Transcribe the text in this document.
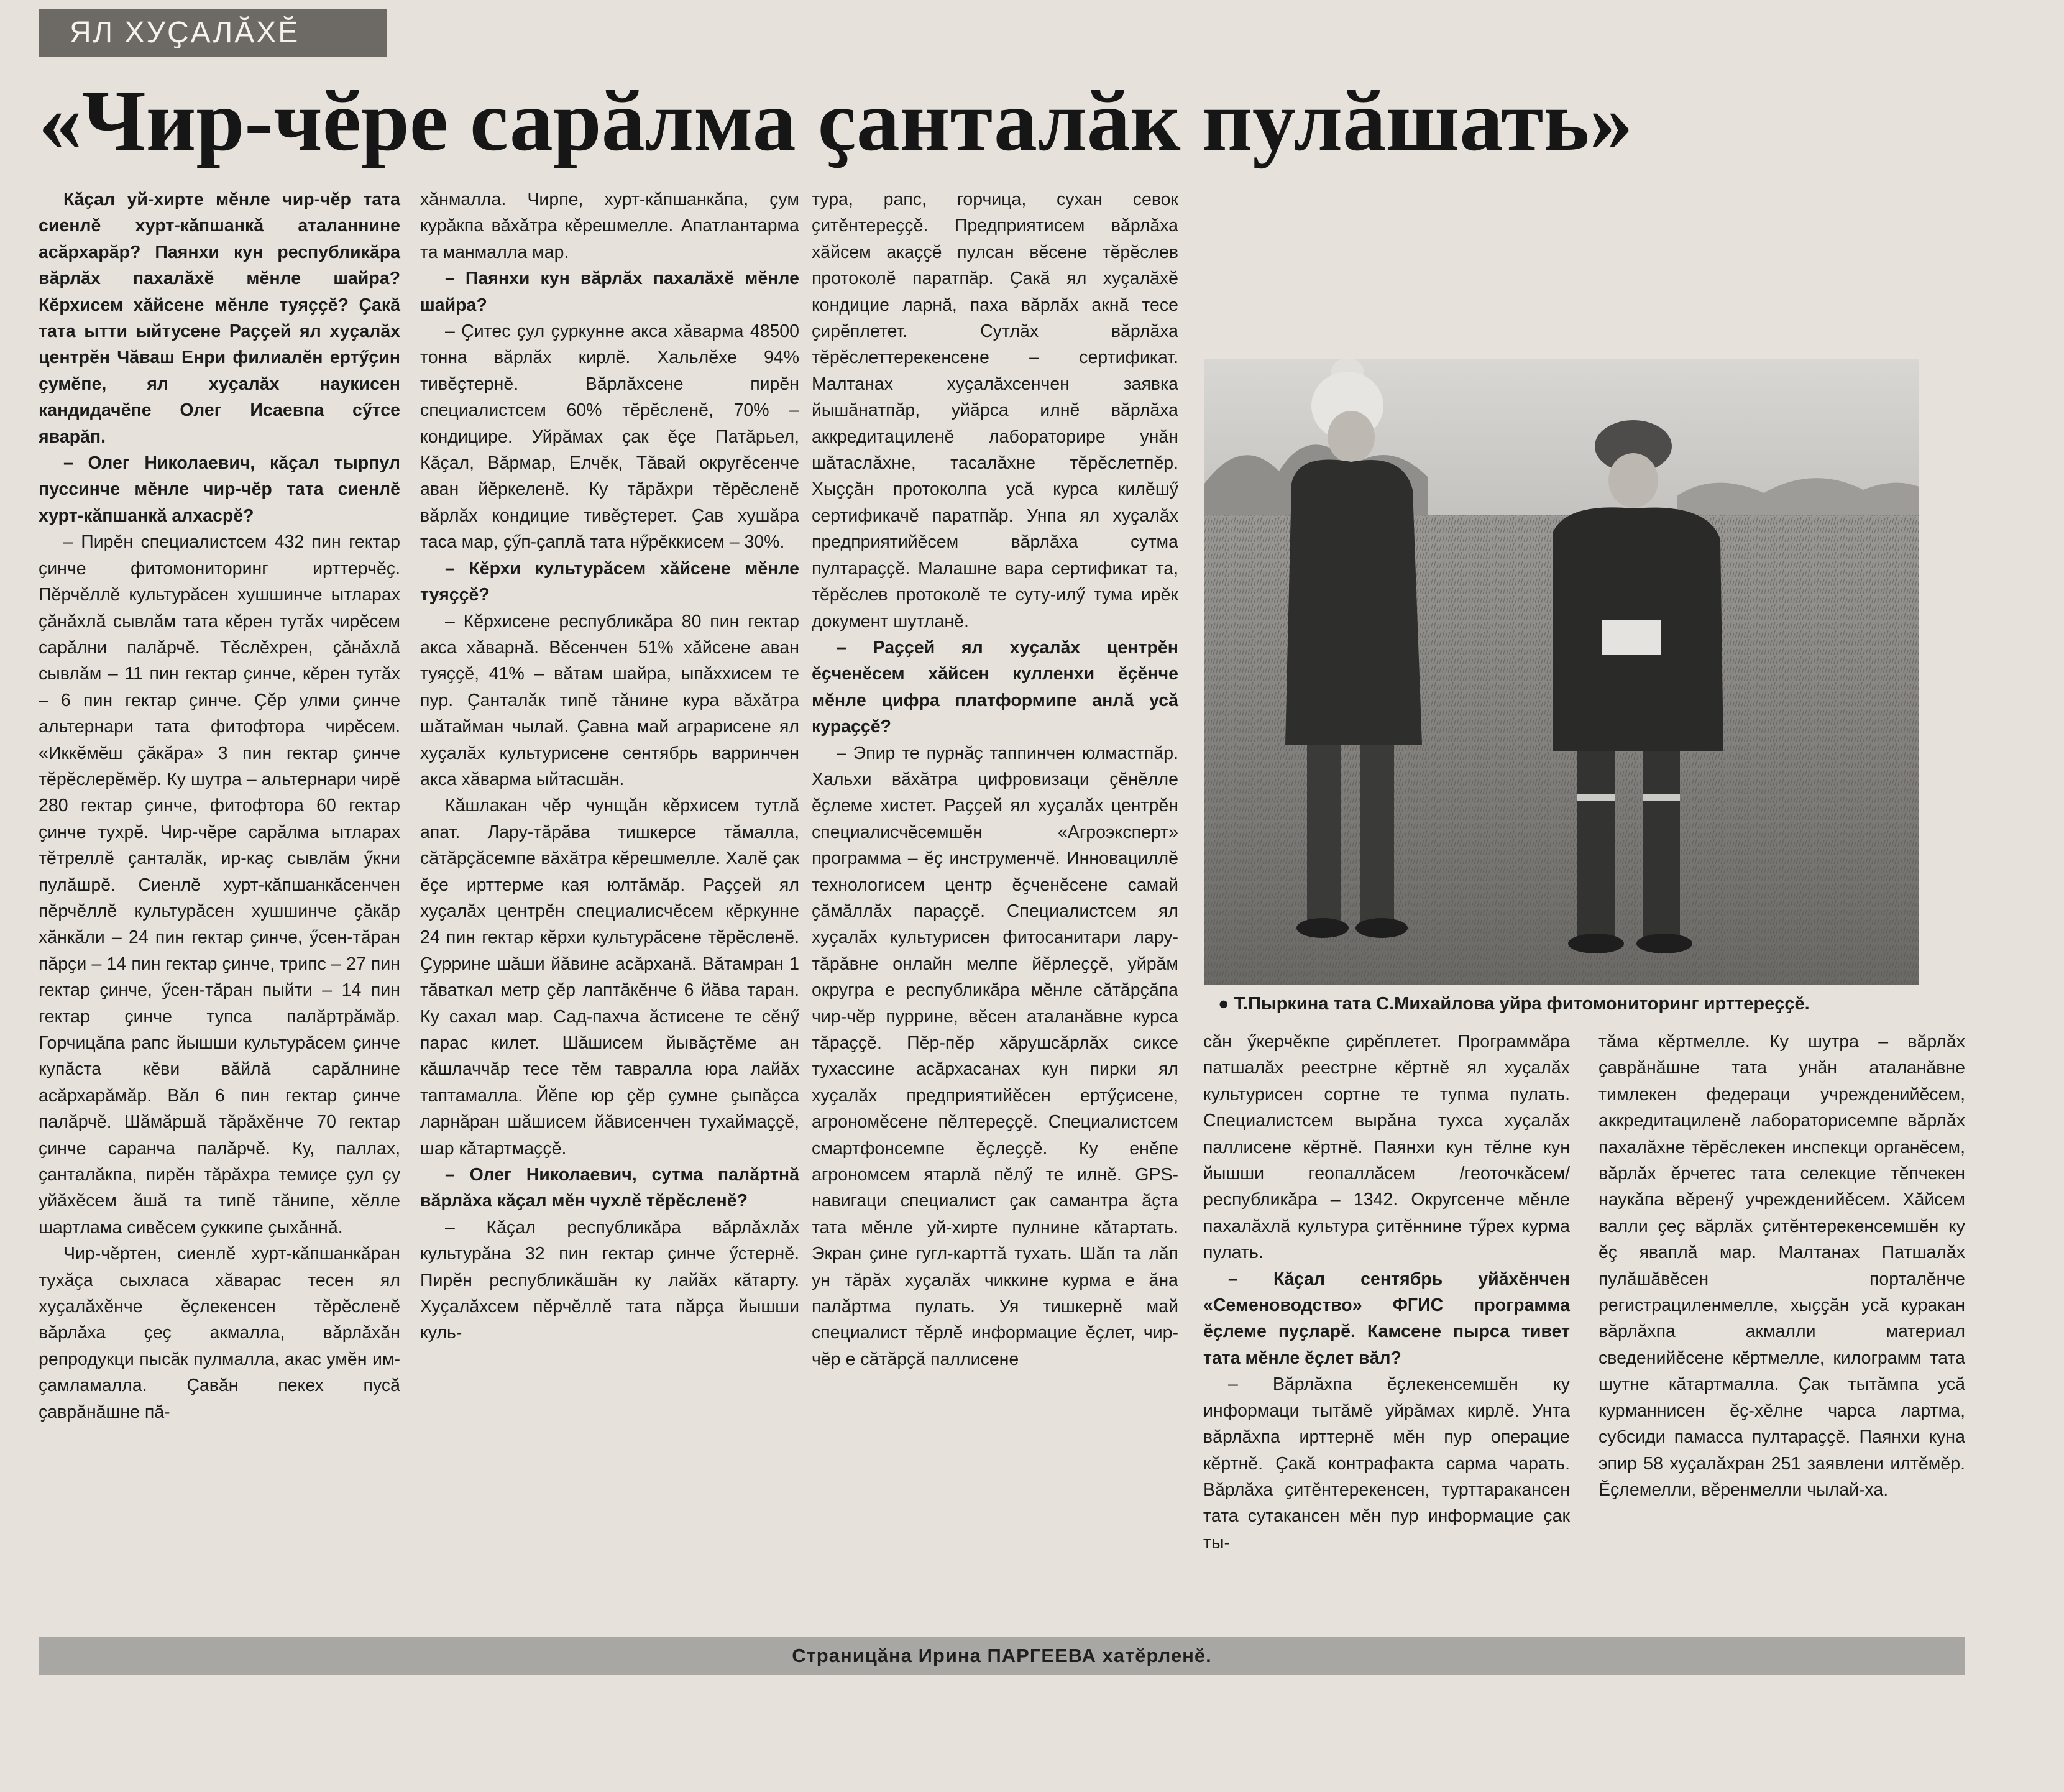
ЯЛ ХУҪАЛӐХӖ
«Чир-чӗре сарӑлма ҫанталӑк пулӑшать»

Кӑҫал уй-хирте мӗнле чир-чӗр тата сиенлӗ хурт-кӑпшанкӑ аталаннине асӑрхарӑр? Паянхи кун республикӑра вӑрлӑх пахалӑхӗ мӗнле шайра? Кӗрхисем хӑйсене мӗнле туяҫҫӗ? Ҫакӑ тата ытти ыйтусене Раҫҫей ял хуҫалӑх центрӗн Чӑваш Енри филиалӗн ертӳҫин ҫумӗпе, ял хуҫалӑх наукисен кандидачӗпе Олег Исаевпа сӳтсе яварӑп.

– Олег Николаевич, кӑҫал тырпул пуссинче мӗнле чир-чӗр тата сиенлӗ хурт-кӑпшанкӑ алхасрӗ?

– Пирӗн специалистсем 432 пин гектар ҫинче фитомониторинг ирттерчӗҫ. Пӗрчӗллӗ культурӑсен хушшинче ытларах ҫӑнӑхлӑ сывлӑм тата кӗрен тутӑх чирӗсем сарӑлни палӑрчӗ. Тӗслӗхрен, ҫӑнӑхлӑ сывлӑм – 11 пин гектар ҫинче, кӗрен тутӑх – 6 пин гектар ҫинче. Ҫӗр улми ҫинче альтернари тата фитофтора чирӗсем. «Иккӗмӗш ҫӑкӑра» 3 пин гектар ҫинче тӗрӗслерӗмӗр. Ку шутра – альтернари чирӗ 280 гектар ҫинче, фитофтора 60 гектар ҫинче тухрӗ. Чир-чӗре сарӑлма ытларах тӗтреллӗ ҫанталӑк, ир-каҫ сывлӑм ӳкни пулӑшрӗ. Сиенлӗ хурт-кӑпшанкӑсенчен пӗрчӗллӗ культурӑсен хушшинче ҫӑкӑр хӑнкӑли – 24 пин гектар ҫинче, ӳсен-тӑран пӑрҫи – 14 пин гектар ҫинче, трипс – 27 пин гектар ҫинче, ӳсен-тӑран пыйти – 14 пин гектар ҫинче тупса палӑртрӑмӑр. Горчицӑпа рапс йышши культурӑсем ҫинче купӑста кӗви вӑйлӑ сарӑлнине асӑрхарӑмӑр. Вӑл 6 пин гектар ҫинче палӑрчӗ. Шӑмӑршӑ тӑрӑхӗнче 70 гектар ҫинче саранча палӑрчӗ. Ку, паллах, ҫанталӑкпа, пирӗн тӑрӑхра темиҫе ҫул ҫу уйӑхӗсем ӑшӑ та типӗ тӑнипе, хӗлле шартлама сивӗсем ҫуккипе ҫыхӑннӑ.

Чир-чӗртен, сиенлӗ хурт-кӑпшанкӑран тухӑҫа сыхласа хӑварас тесен ял хуҫалӑхӗнче ӗҫлекенсен тӗрӗсленӗ вӑрлӑха ҫеҫ акмалла, вӑрлӑхӑн репродукци пысӑк пулмалла, акас умӗн им-ҫамламалла. Ҫавӑн пекех пусӑ ҫаврӑнӑшне пӑ-

хӑнмалла. Чирпе, хурт-кӑпшанкӑпа, ҫум курӑкпа вӑхӑтра кӗрешмелле. Апатлантарма та манмалла мар.

– Паянхи кун вӑрлӑх пахалӑхӗ мӗнле шайра?

– Ҫитес ҫул ҫуркунне акса хӑварма 48500 тонна вӑрлӑх кирлӗ. Хальлӗхе 94% тивӗҫтернӗ. Вӑрлӑхсене пирӗн специалистсем 60% тӗрӗсленӗ, 70% – кондицире. Уйрӑмах ҫак ӗҫе Патӑрьел, Кӑҫал, Вӑрмар, Елчӗк, Тӑвай округӗсенче аван йӗркеленӗ. Ку тӑрӑхри тӗрӗсленӗ вӑрлӑх кондицие тивӗҫтерет. Ҫав хушӑра таса мар, ҫӳп-ҫаплӑ тата нӳрӗккисем – 30%.

– Кӗрхи культурӑсем хӑйсене мӗнле туяҫҫӗ?

– Кӗрхисене республикӑра 80 пин гектар акса хӑварнӑ. Вӗсенчен 51% хӑйсене аван туяҫҫӗ, 41% – вӑтам шайра, ыпӑххисем те пур. Ҫанталӑк типӗ тӑнине кура вӑхӑтра шӑтайман чылай. Ҫавна май аграрисене ял хуҫалӑх культурисене сентябрь варринчен акса хӑварма ыйтасшӑн.

Кӑшлакан чӗр чунщӑн кӗрхисем тутлӑ апат. Лару-тӑрӑва тишкерсе тӑмалла, сӑтӑрҫӑсемпе вӑхӑтра кӗрешмелле. Халӗ ҫак ӗҫе ирттерме кая юлтӑмӑр. Раҫҫей ял хуҫалӑх центрӗн специалисчӗсем кӗркунне 24 пин гектар кӗрхи культурӑсене тӗрӗсленӗ. Ҫуррине шӑши йӑвине асӑрханӑ. Вӑтамран 1 тӑваткал метр ҫӗр лаптӑкӗнче 6 йӑва таран. Ку сахал мар. Сад-пахча ӑстисене те сӗнӳ парас килет. Шӑшисем йывӑҫтӗме ан кӑшлаччӑр тесе тӗм тавралла юра лайӑх таптамалла. Йӗпе юр ҫӗр ҫумне ҫыпӑҫса ларнӑран шӑшисем йӑвисенчен тухаймаҫҫӗ, шар кӑтартмаҫҫӗ.

– Олег Николаевич, сутма палӑртнӑ вӑрлӑха кӑҫал мӗн чухлӗ тӗрӗсленӗ?

– Кӑҫал республикӑра вӑрлӑхлӑх культурӑна 32 пин гектар ҫинче ӳстернӗ. Пирӗн республикӑшӑн ку лайӑх кӑтарту. Хуҫалӑхсем пӗрчӗллӗ тата пӑрҫа йышши куль-

тура, рапс, горчица, сухан севок ҫитӗнтереҫҫӗ. Предприятисем вӑрлӑха хӑйсем акаҫҫӗ пулсан вӗсене тӗрӗслев протоколӗ паратпӑр. Ҫакӑ ял хуҫалӑхӗ кондицие ларнӑ, паха вӑрлӑх акнӑ тесе ҫирӗплетет. Сутлӑх вӑрлӑха тӗрӗслеттерекенсене – сертификат. Малтанах хуҫалӑхсенчен заявка йышӑнатпӑр, уйӑрса илнӗ вӑрлӑха аккредитациленӗ лабораторире унӑн шӑтаслӑхне, тасалӑхне тӗрӗслетпӗр. Хыҫҫӑн протоколпа усӑ курса килӗшӳ сертификачӗ паратпӑр. Унпа ял хуҫалӑх предприятийӗсем вӑрлӑха сутма пултараҫҫӗ. Малашне вара сертификат та, тӗрӗслев протоколӗ те суту-илӳ тума ирӗк документ шутланӗ.

– Раҫҫей ял хуҫалӑх центрӗн ӗҫченӗсем хӑйсен кулленхи ӗҫӗнче мӗнле цифра платформипе анлӑ усӑ кураҫҫӗ?

– Эпир те пурнӑҫ таппинчен юлмастпӑр. Хальхи вӑхӑтра цифровизаци ҫӗнӗлле ӗҫлеме хистет. Раҫҫей ял хуҫалӑх центрӗн специалисчӗсемшӗн «Агроэксперт» программа – ӗҫ инструменчӗ. Инновациллӗ технологисем центр ӗҫченӗсене самай ҫӑмӑллӑх параҫҫӗ. Специалистсем ял хуҫалӑх культурисен фитосанитари лару-тӑрӑвне онлайн мелпе йӗрлеҫҫӗ, уйрӑм округра е республикӑра мӗнле сӑтӑрҫӑпа чир-чӗр пуррине, вӗсен аталанӑвне курса тӑраҫҫӗ. Пӗр-пӗр хӑрушсӑрлӑх сиксе тухассине асӑрхасанах кун пирки ял хуҫалӑх предприятийӗсен ертӳҫисене, агрономӗсене пӗлтереҫҫӗ. Специалистсем смартфонсемпе ӗҫлеҫҫӗ. Ку енӗпе агрономсем ятарлӑ пӗлӳ те илнӗ. GPS-навигаци специалист ҫак самантра ӑҫта тата мӗнле уй-хирте пулнине кӑтартать. Экран ҫине гугл-карттӑ тухать. Шӑп та лӑп ун тӑрӑх хуҫалӑх чиккине курма е ӑна палӑртма пулать. Уя тишкернӗ май специалист тӗрлӗ информацие ӗҫлет, чир-чӗр е сӑтӑрҫӑ паллисене

● Т.Пыркина тата С.Михайлова уйра фитомониторинг ирттереҫҫӗ.

сӑн ӳкерчӗкпе ҫирӗплетет. Программӑра патшалӑх реестрне кӗртнӗ ял хуҫалӑх культурисен сортне те тупма пулать. Специалистсем вырӑна тухса хуҫалӑх паллисене кӗртнӗ. Паянхи кун тӗлне кун йышши геопаллӑсем /геоточкӑсем/ республикӑра – 1342. Округсенче мӗнле пахалӑхлӑ культура ҫитӗннине тӳрех курма пулать.

– Кӑҫал сентябрь уйӑхӗнчен «Семеноводство» ФГИС программа ӗҫлеме пуҫларӗ. Камсене пырса тивет тата мӗнле ӗҫлет вӑл?

– Вӑрлӑхпа ӗҫлекенсемшӗн ку информаци тытӑмӗ уйрӑмах кирлӗ. Унта вӑрлӑхпа ирттернӗ мӗн пур операцие кӗртнӗ. Ҫакӑ контрафакта сарма чарать. Вӑрлӑха ҫитӗнтерекенсен, турттаракансен тата сутакансен мӗн пур информацие ҫак ты-

тӑма кӗртмелле. Ку шутра – вӑрлӑх ҫаврӑнӑшне тата унӑн аталанӑвне тимлекен федераци учрежденийӗсем, аккредитациленӗ лабораторисемпе вӑрлӑх пахалӑхне тӗрӗслекен инспекци органӗсем, вӑрлӑх ӗрчетес тата селекцие тӗпчекен наукӑпа вӗренӳ учрежденийӗсем. Хӑйсем валли ҫеҫ вӑрлӑх ҫитӗнтерекенсемшӗн ку ӗҫ яваплӑ мар. Малтанах Патшалӑх пулӑшӑвӗсен порталӗнче регистрациленмелле, хыҫҫӑн усӑ куракан вӑрлӑхпа акмалли материал сведенийӗсене кӗртмелле, килограмм тата шутне кӑтартмалла. Ҫак тытӑмпа усӑ курманнисен ӗҫ-хӗлне чарса лартма, субсиди памасса пултараҫҫӗ. Паянхи куна эпир 58 хуҫалӑхран 251 заявлени илтӗмӗр. Ӗҫлемелли, вӗренмелли чылай-ха.

Страницӑна Ирина ПАРГЕЕВА хатӗрленӗ.
